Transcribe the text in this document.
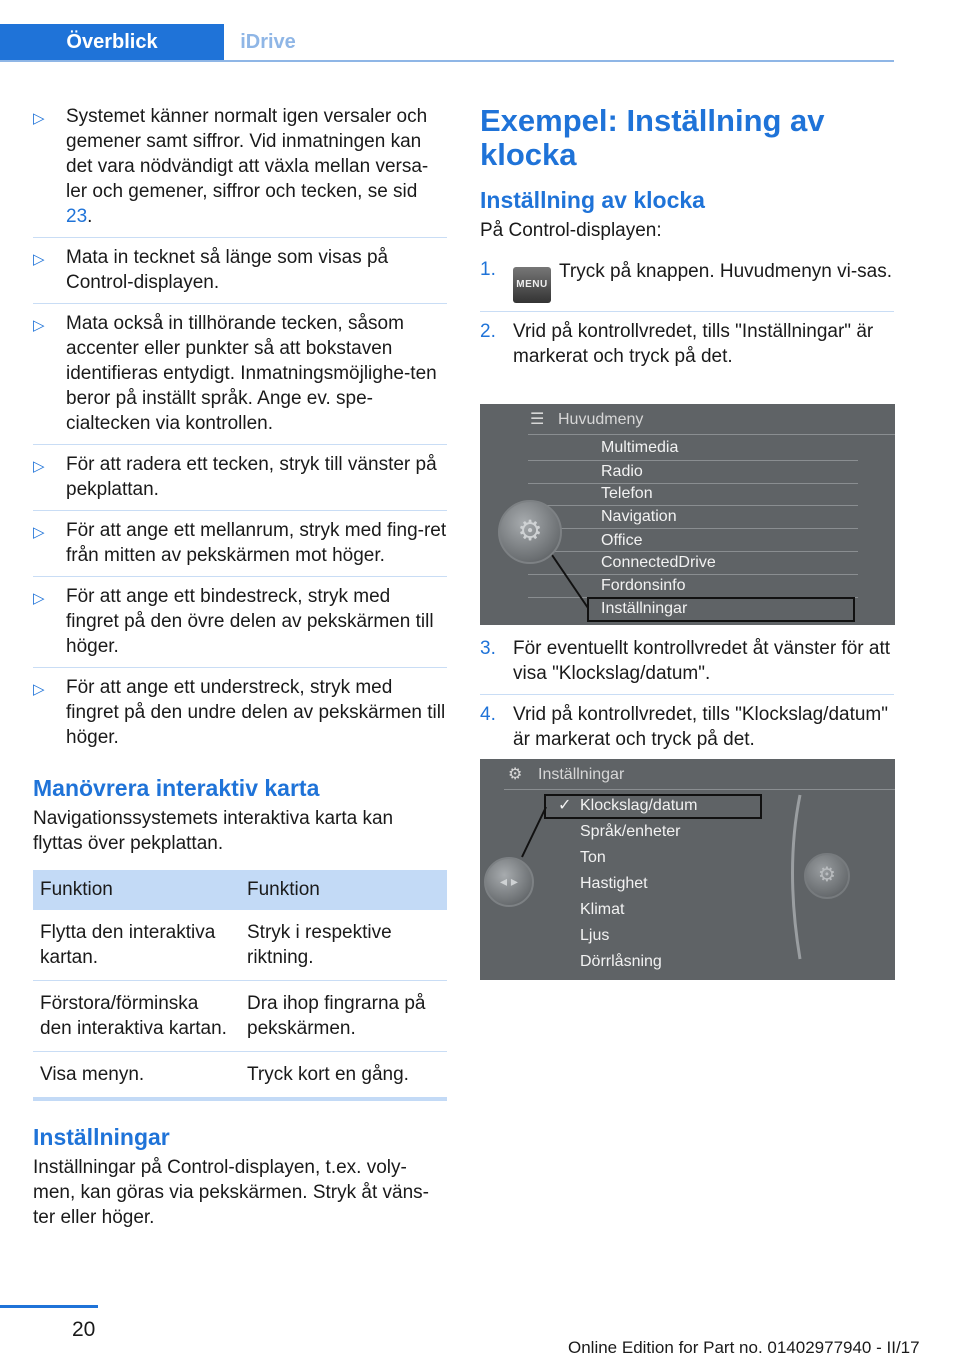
Överblick	iDrive
▷ Systemet känner normalt igen versaler och gemener samt siffror. Vid inmatningen kan det vara nödvändigt att växla mellan versa-ler och gemener, siffror och tecken, se sid 23.
▷ Mata in tecknet så länge som visas på Control-displayen.
▷ Mata också in tillhörande tecken, såsom accenter eller punkter så att bokstaven identifieras entydigt. Inmatningsmöjlighe-ten beror på inställt språk. Ange ev. spe-cialtecken via kontrollen.
▷ För att radera ett tecken, stryk till vänster på pekplattan.
▷ För att ange ett mellanrum, stryk med fing-ret från mitten av pekskärmen mot höger.
▷ För att ange ett bindestreck, stryk med fingret på den övre delen av pekskärmen till höger.
▷ För att ange ett understreck, stryk med fingret på den undre delen av pekskärmen till höger.
Manövrera interaktiv karta

Navigationssystemets interaktiva karta kan flyttas över pekplattan.

Funktion	Funktion
Flytta den interaktiva kartan.	Stryk i respektive riktning.
Förstora/förminska den interaktiva kartan.	Dra ihop fingrarna på pekskärmen.
Visa menyn.	Tryck kort en gång.
Inställningar

Inställningar på Control-displayen, t.ex. voly-men, kan göras via pekskärmen. Stryk åt väns-ter eller höger.

Exempel: Inställning av klocka
Inställning av klocka

På Control-displayen:

1.
MENUTryck på knappen. Huvudmenyn vi-sas.
2. Vrid på kontrollvredet, tills "Inställningar" är markerat och tryck på det.
3. För eventuellt kontrollvredet åt vänster för att visa "Klockslag/datum".
4. Vrid på kontrollvredet, tills "Klockslag/datum" är markerat och tryck på det.
☰ Huvudmeny
Multimedia
Radio
Telefon
Navigation
Office
ConnectedDrive
Fordonsinfo
Inställningar
⚙
⚙ Inställningar
✓ Klockslag/datum
Språk/enheter
Ton
Hastighet
Klimat
Ljus
Dörrlåsning
◂ ▸	⚙
20
Online Edition for Part no. 01402977940 - II/17
